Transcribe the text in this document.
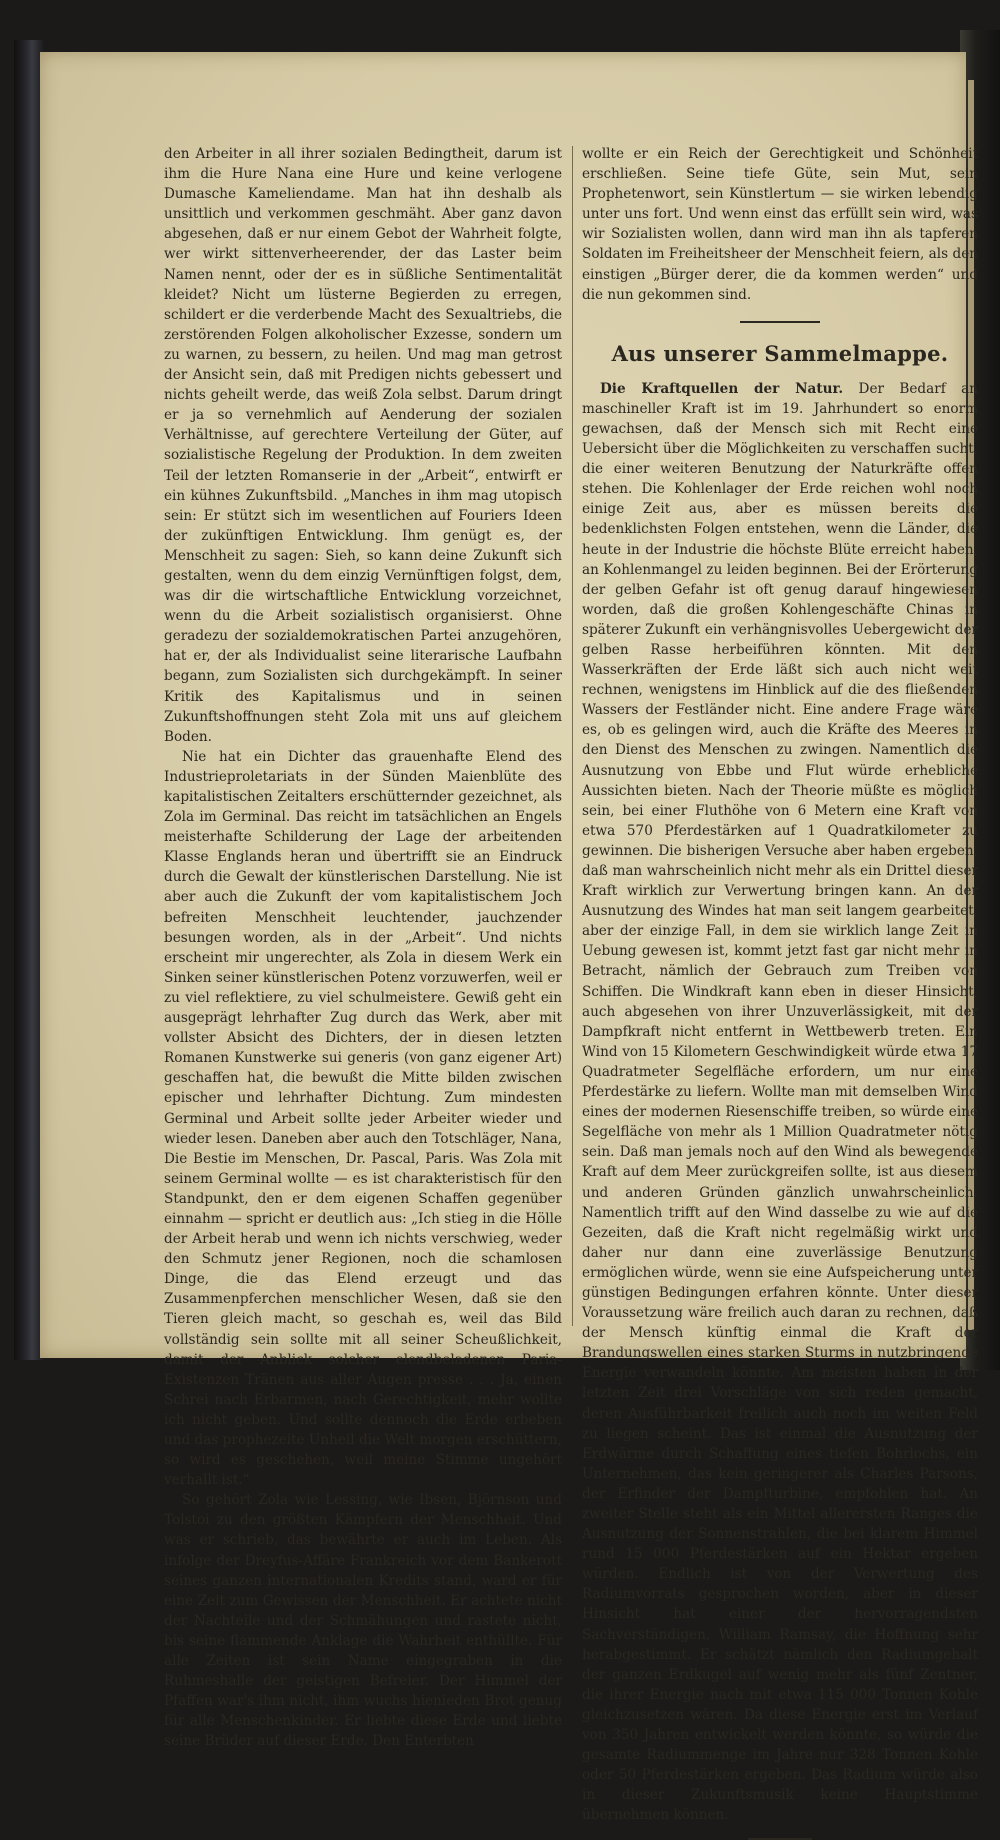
den Arbeiter in all ihrer sozialen Bedingtheit, darum ist ihm die Hure Nana eine Hure und keine verlogene Dumasche Kameliendame. Man hat ihn deshalb als unsittlich und verkommen geschmäht. Aber ganz davon abgesehen, daß er nur einem Gebot der Wahrheit folgte, wer wirkt sittenverheerender, der das Laster beim Namen nennt, oder der es in süßliche Sentimentalität kleidet? Nicht um lüsterne Begierden zu erregen, schildert er die verderbende Macht des Sexualtriebs, die zerstörenden Folgen alkoholischer Exzesse, sondern um zu warnen, zu bessern, zu heilen. Und mag man getrost der Ansicht sein, daß mit Predigen nichts gebessert und nichts geheilt werde, das weiß Zola selbst. Darum dringt er ja so vernehmlich auf Aenderung der sozialen Verhältnisse, auf gerechtere Verteilung der Güter, auf sozialistische Regelung der Produktion. In dem zweiten Teil der letzten Romanserie in der „Arbeit“, entwirft er ein kühnes Zukunftsbild. „Manches in ihm mag utopisch sein: Er stützt sich im wesentlichen auf Fouriers Ideen der zukünftigen Entwicklung. Ihm genügt es, der Menschheit zu sagen: Sieh, so kann deine Zukunft sich gestalten, wenn du dem einzig Vernünftigen folgst, dem, was dir die wirtschaftliche Entwicklung vorzeichnet, wenn du die Arbeit sozialistisch organisierst. Ohne geradezu der sozialdemokratischen Partei anzugehören, hat er, der als Individualist seine literarische Laufbahn begann, zum Sozialisten sich durchgekämpft. In seiner Kritik des Kapitalismus und in seinen Zukunftshoffnungen steht Zola mit uns auf gleichem Boden.

Nie hat ein Dichter das grauenhafte Elend des Industrieproletariats in der Sünden Maienblüte des kapitalistischen Zeitalters erschütternder gezeichnet, als Zola im Germinal. Das reicht im tatsächlichen an Engels meisterhafte Schilderung der Lage der arbeitenden Klasse Englands heran und übertrifft sie an Eindruck durch die Gewalt der künstlerischen Darstellung. Nie ist aber auch die Zukunft der vom kapitalistischem Joch befreiten Menschheit leuchtender, jauchzender besungen worden, als in der „Arbeit“. Und nichts erscheint mir ungerechter, als Zola in diesem Werk ein Sinken seiner künstlerischen Potenz vorzuwerfen, weil er zu viel reflektiere, zu viel schulmeistere. Gewiß geht ein ausgeprägt lehrhafter Zug durch das Werk, aber mit vollster Absicht des Dichters, der in diesen letzten Romanen Kunstwerke sui generis (von ganz eigener Art) geschaffen hat, die bewußt die Mitte bilden zwischen epischer und lehrhafter Dichtung. Zum mindesten Germinal und Arbeit sollte jeder Arbeiter wieder und wieder lesen. Daneben aber auch den Totschläger, Nana, Die Bestie im Menschen, Dr. Pascal, Paris. Was Zola mit seinem Germinal wollte — es ist charakteristisch für den Standpunkt, den er dem eigenen Schaffen gegenüber einnahm — spricht er deutlich aus: „Ich stieg in die Hölle der Arbeit herab und wenn ich nichts verschwieg, weder den Schmutz jener Regionen, noch die schamlosen Dinge, die das Elend erzeugt und das Zusammenpferchen menschlicher Wesen, daß sie den Tieren gleich macht, so geschah es, weil das Bild vollständig sein sollte mit all seiner Scheußlichkeit, damit der Anblick solcher elendbeladenen Paria-Existenzen Tränen aus aller Augen presse . . . Ja, einen Schrei nach Erbarmen, nach Gerechtigkeit, mehr wollte ich nicht geben. Und sollte dennoch die Erde erbeben und das prophezeite Unheil die Welt morgen erschüttern, so wird es geschehen, weil meine Stimme ungehört verhallt ist.“

So gehört Zola wie Lessing, wie Ibsen, Björnson und Tolstoi zu den größten Kämpfern der Menschheit. Und was er schrieb, das bewährte er auch im Leben. Als infolge der Dreyfus-Affäre Frankreich vor dem Bankerott seines ganzen internationalen Kredits stand, ward er für eine Zeit zum Gewissen der Menschheit. Er achtete nicht der Nachteile und der Schmähungen und rastete nicht, bis seine flammende Anklage die Wahrheit enthüllte. Für alle Zeiten ist sein Name eingegraben in die Ruhmeshalle der geistigen Befreier. Der Himmel der Pfaffen war's ihm nicht, ihm wuchs hienieden Brot genug für alle Menschenkinder. Er liebte diese Erde und liebte seine Brüder auf dieser Erde. Den Enterbten

wollte er ein Reich der Gerechtigkeit und Schönheit erschließen. Seine tiefe Güte, sein Mut, sein Prophetenwort, sein Künstlertum — sie wirken lebendig unter uns fort. Und wenn einst das erfüllt sein wird, was wir Sozialisten wollen, dann wird man ihn als tapferen Soldaten im Freiheitsheer der Menschheit feiern, als den einstigen „Bürger derer, die da kommen werden“ und die nun gekommen sind.

Aus unserer Sammelmappe.

Die Kraftquellen der Natur. Der Bedarf an maschineller Kraft ist im 19. Jahrhundert so enorm gewachsen, daß der Mensch sich mit Recht eine Uebersicht über die Möglichkeiten zu verschaffen sucht, die einer weiteren Benutzung der Naturkräfte offen stehen. Die Kohlenlager der Erde reichen wohl noch einige Zeit aus, aber es müssen bereits die bedenklichsten Folgen entstehen, wenn die Länder, die heute in der Industrie die höchste Blüte erreicht haben, an Kohlenmangel zu leiden beginnen. Bei der Erörterung der gelben Gefahr ist oft genug darauf hingewiesen worden, daß die großen Kohlengeschäfte Chinas in späterer Zukunft ein verhängnisvolles Uebergewicht der gelben Rasse herbeiführen könnten. Mit den Wasserkräften der Erde läßt sich auch nicht weit rechnen, wenigstens im Hinblick auf die des fließenden Wassers der Festländer nicht. Eine andere Frage wäre es, ob es gelingen wird, auch die Kräfte des Meeres in den Dienst des Menschen zu zwingen. Namentlich die Ausnutzung von Ebbe und Flut würde erhebliche Aussichten bieten. Nach der Theorie müßte es möglich sein, bei einer Fluthöhe von 6 Metern eine Kraft von etwa 570 Pferdestärken auf 1 Quadratkilometer zu gewinnen. Die bisherigen Versuche aber haben ergeben, daß man wahrscheinlich nicht mehr als ein Drittel dieser Kraft wirklich zur Verwertung bringen kann. An der Ausnutzung des Windes hat man seit langem gearbeitet, aber der einzige Fall, in dem sie wirklich lange Zeit in Uebung gewesen ist, kommt jetzt fast gar nicht mehr in Betracht, nämlich der Gebrauch zum Treiben von Schiffen. Die Windkraft kann eben in dieser Hinsicht, auch abgesehen von ihrer Unzuverlässigkeit, mit der Dampfkraft nicht entfernt in Wettbewerb treten. Ein Wind von 15 Kilometern Geschwindigkeit würde etwa 17 Quadratmeter Segelfläche erfordern, um nur eine Pferdestärke zu liefern. Wollte man mit demselben Wind eines der modernen Riesenschiffe treiben, so würde eine Segelfläche von mehr als 1 Million Quadratmeter nötig sein. Daß man jemals noch auf den Wind als bewegende Kraft auf dem Meer zurückgreifen sollte, ist aus diesem und anderen Gründen gänzlich unwahrscheinlich. Namentlich trifft auf den Wind dasselbe zu wie auf die Gezeiten, daß die Kraft nicht regelmäßig wirkt und daher nur dann eine zuverlässige Benutzung ermöglichen würde, wenn sie eine Aufspeicherung unter günstigen Bedingungen erfahren könnte. Unter dieser Voraussetzung wäre freilich auch daran zu rechnen, daß der Mensch künftig einmal die Kraft der Brandungswellen eines starken Sturms in nutzbringende Energie verwandeln könnte. Am meisten haben in der letzten Zeit drei Vorschläge von sich reden gemacht, deren Ausführbarkeit freilich auch noch im weiten Feld zu liegen scheint. Das ist einmal die Ausnutzung der Erdwärme durch Schaffung eines tiefen Bohrlochs, ein Unternehmen, das kein geringerer als Charles Parsons, der Erfinder der Dampfturbine, empfohlen hat. An zweiter Stelle steht als ein Mittel allerersten Ranges die Ausnutzung der Sonnenstrahlen, die bei klarem Himmel rund 15 000 Pferdestärken auf ein Hektar ergeben würden. Endlich ist von der Verwertung des Radiumvorrats gesprochen worden, aber in dieser Hinsicht hat einer der hervorragendsten Sachverständigen, William Ramsay, die Hoffnung sehr herabgestimmt. Er schätzt nämlich den Radiumgehalt der ganzen Erdkugel auf wenig mehr als fünf Zentner, die ihrer Energie nach mit etwa 115 000 Tonnen Kohle gleichzusetzen wären. Da diese Energie erst im Verlauf von 350 Jahren entwickelt werden könnte, so würde die gesamte Radiummenge im Jahre nur 328 Tonnen Kohle oder 50 Pferdestärken ergeben. Das Radium würde also in dieser Zukunftsmusik keine Hauptstimme übernehmen können.
